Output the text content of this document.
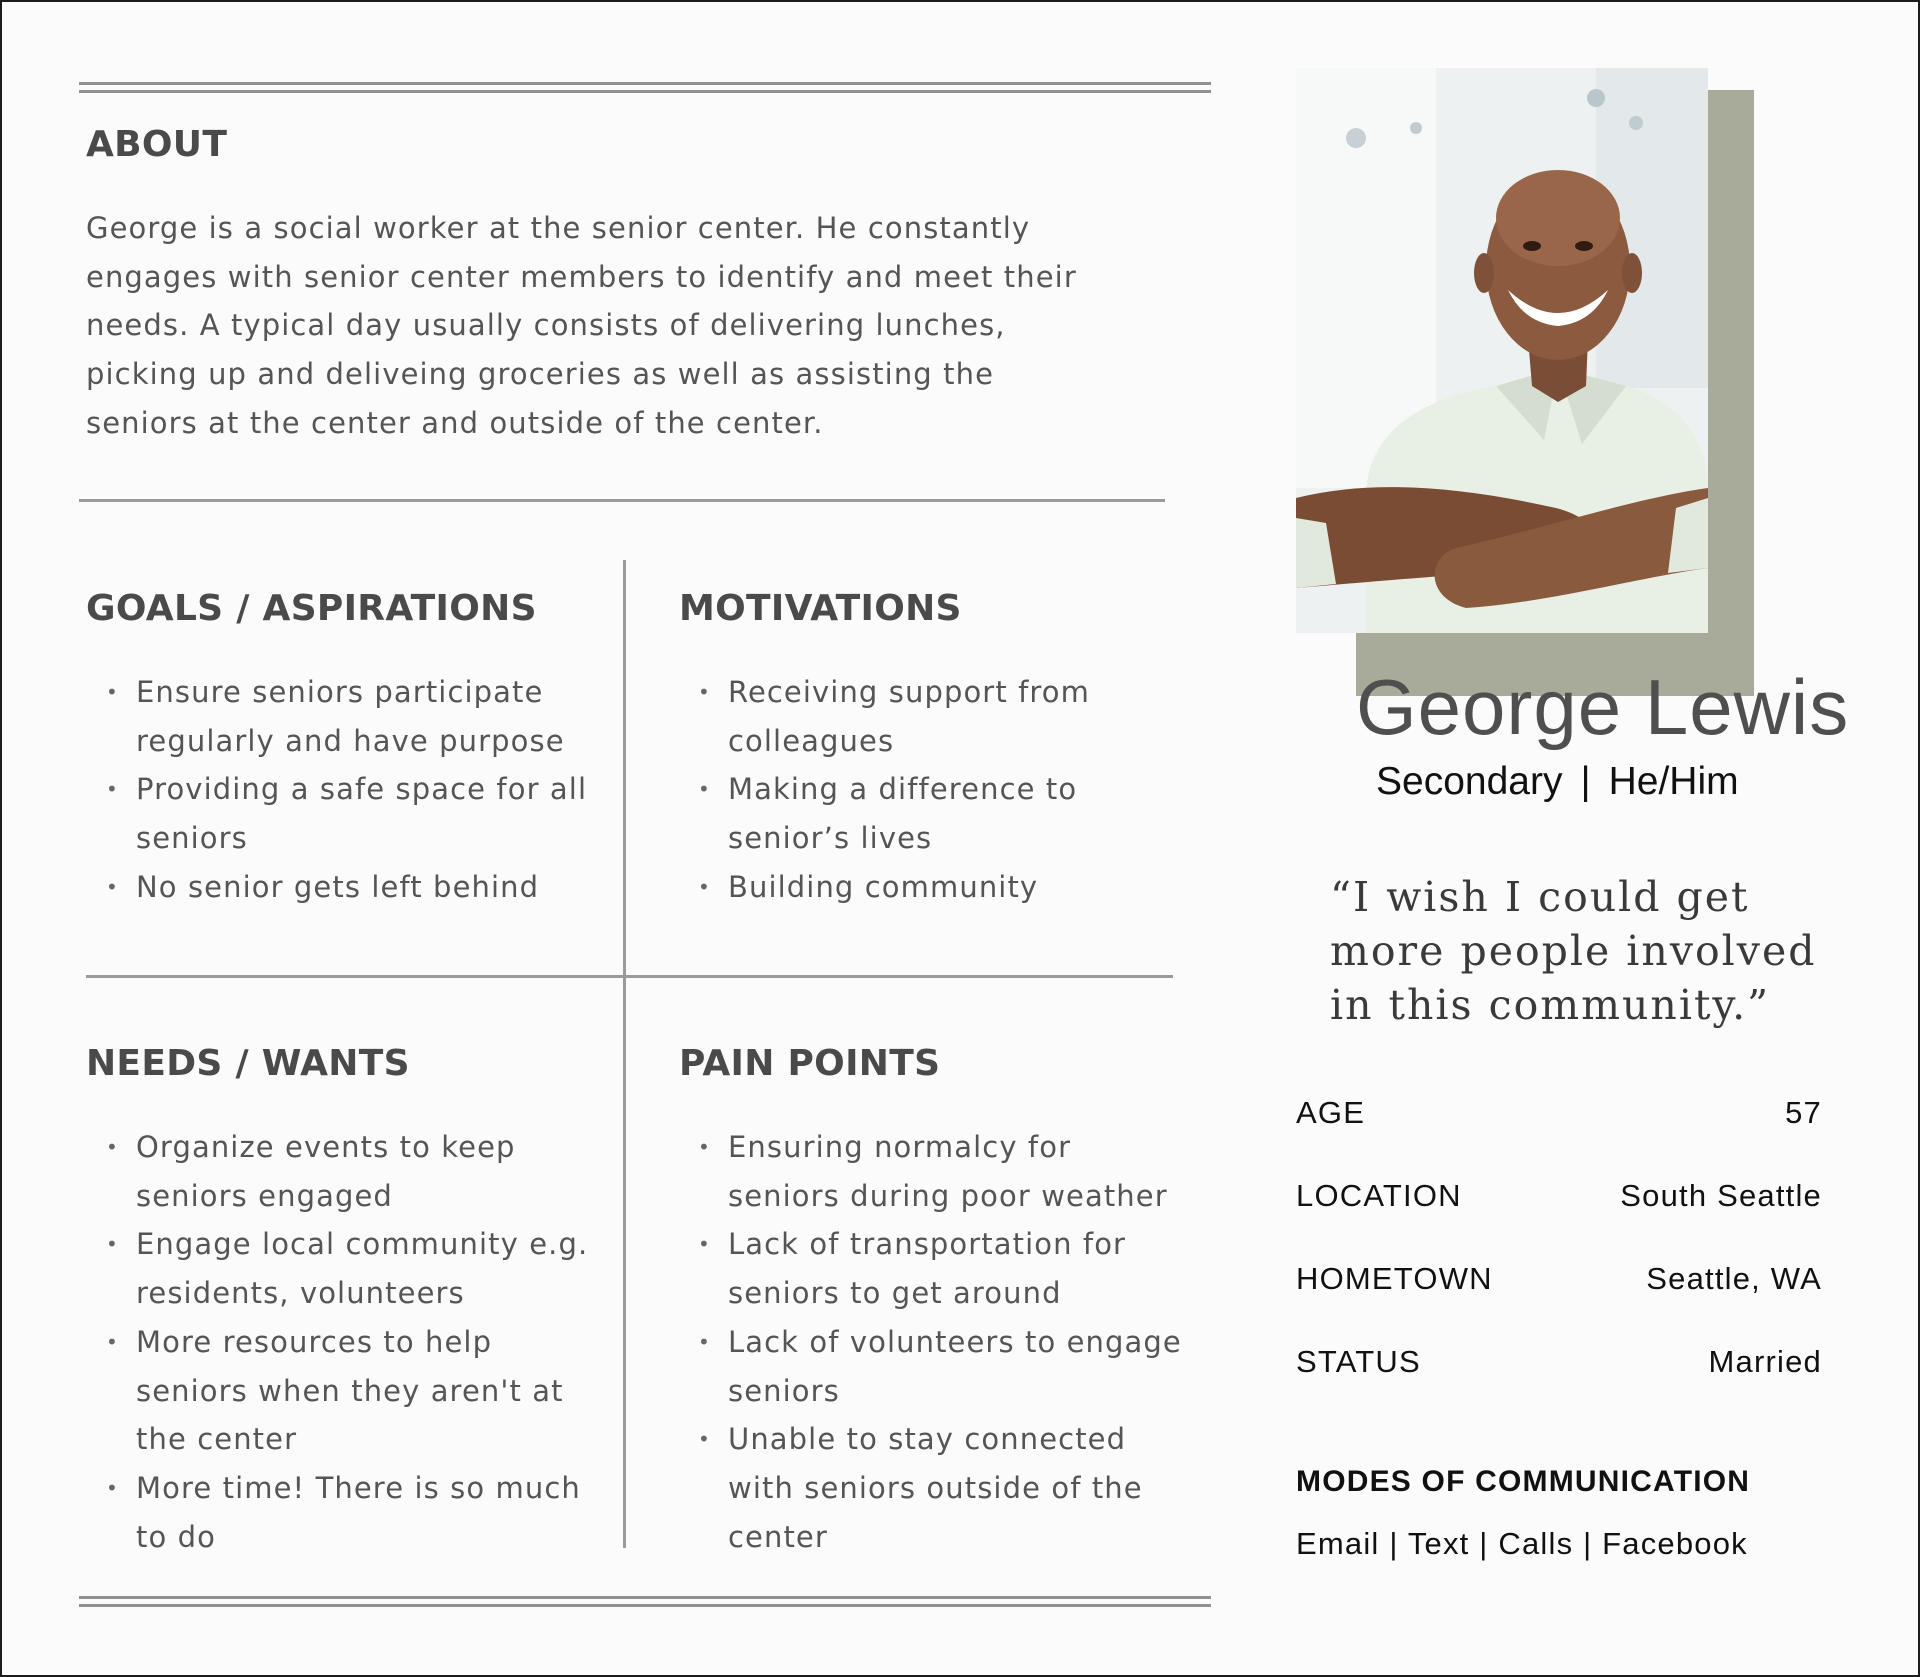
ABOUT

George is a social worker at the senior center. He constantly engages with senior center members to identify and meet their needs. A typical day usually consists of delivering lunches, picking up and deliveing groceries as well as assisting the seniors at the center and outside of the center.

GOALS / ASPIRATIONS
• Ensure seniors participate regularly and have purpose
• Providing a safe space for all seniors
• No senior gets left behind
MOTIVATIONS
• Receiving support from colleagues
• Making a difference to senior’s lives
• Building community
NEEDS / WANTS
• Organize events to keep seniors engaged
• Engage local community e.g. residents, volunteers
• More resources to help seniors when they aren't at the center
• More time! There is so much to do
PAIN POINTS
• Ensuring normalcy for seniors during poor weather
• Lack of transportation for seniors to get around
• Lack of volunteers to engage seniors
• Unable to stay connected with seniors outside of the center
George Lewis
Secondary | He/Him

“I wish I could get more people involved in this community.”

AGE	57
LOCATION	South Seattle
HOMETOWN	Seattle, WA
STATUS	Married
MODES OF COMMUNICATION
Email | Text | Calls | Facebook
